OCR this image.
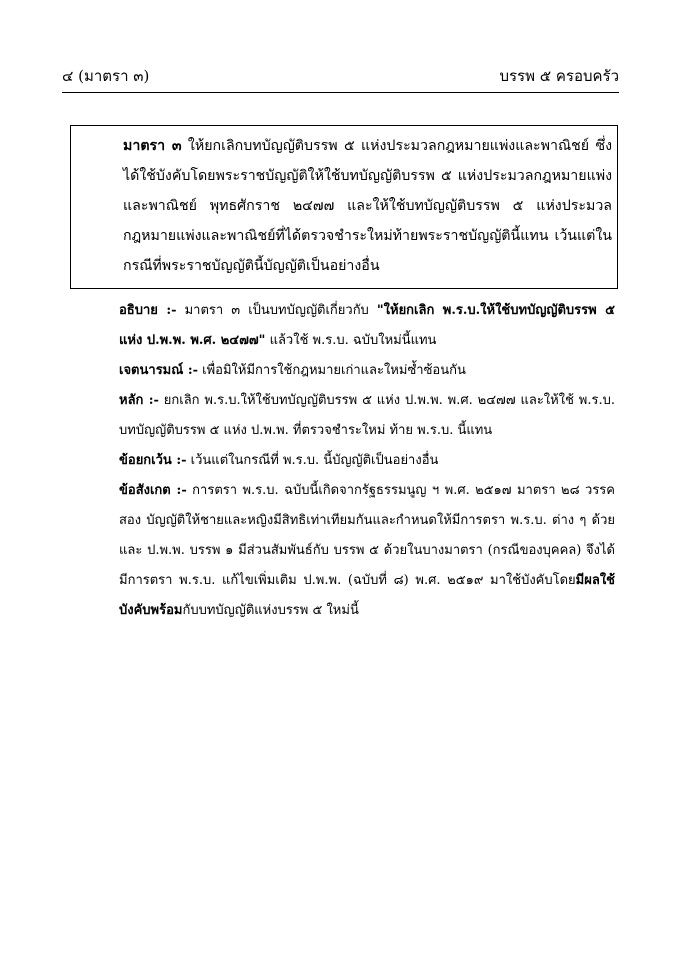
๔ (มาตรา ๓)	บรรพ ๕ ครอบครัว

มาตรา ๓ ให้ยกเลิกบทบัญญัติบรรพ ๕ แห่งประมวลกฎหมายแพ่งและพาณิชย์ ซึ่งได้ใช้บังคับโดยพระราชบัญญัติให้ใช้บทบัญญัติบรรพ ๕ แห่งประมวลกฎหมายแพ่งและพาณิชย์ พุทธศักราช ๒๔๗๗ และให้ใช้บทบัญญัติบรรพ ๕ แห่งประมวลกฎหมายแพ่งและพาณิชย์ที่ได้ตรวจชำระใหม่ท้ายพระราชบัญญัตินี้แทน เว้นแต่ในกรณีที่พระราชบัญญัตินี้บัญญัติเป็นอย่างอื่น

อธิบาย :- มาตรา ๓ เป็นบทบัญญัติเกี่ยวกับ "ให้ยกเลิก พ.ร.บ.ให้ใช้บทบัญญัติบรรพ ๕ แห่ง ป.พ.พ. พ.ศ. ๒๔๗๗" แล้วใช้ พ.ร.บ. ฉบับใหม่นี้แทน

เจตนารมณ์ :- เพื่อมิให้มีการใช้กฎหมายเก่าและใหม่ซ้ำซ้อนกัน

หลัก :- ยกเลิก พ.ร.บ.ให้ใช้บทบัญญัติบรรพ ๕ แห่ง ป.พ.พ. พ.ศ. ๒๔๗๗ และให้ใช้ พ.ร.บ. บทบัญญัติบรรพ ๕ แห่ง ป.พ.พ. ที่ตรวจชำระใหม่ ท้าย พ.ร.บ. นี้แทน

ข้อยกเว้น :- เว้นแต่ในกรณีที่ พ.ร.บ. นี้บัญญัติเป็นอย่างอื่น

ข้อสังเกต :- การตรา พ.ร.บ. ฉบับนี้เกิดจากรัฐธรรมนูญ ฯ พ.ศ. ๒๕๑๗ มาตรา ๒๘ วรรคสอง บัญญัติให้ชายและหญิงมีสิทธิเท่าเทียมกันและกำหนดให้มีการตรา พ.ร.บ. ต่าง ๆ ด้วย และ ป.พ.พ. บรรพ ๑ มีส่วนสัมพันธ์กับ บรรพ ๕ ด้วยในบางมาตรา (กรณีของบุคคล) จึงได้มีการตรา พ.ร.บ. แก้ไขเพิ่มเติม ป.พ.พ. (ฉบับที่ ๘) พ.ศ. ๒๕๑๙ มาใช้บังคับโดยมีผลใช้บังคับพร้อมกับบทบัญญัติแห่งบรรพ ๕ ใหม่นี้
